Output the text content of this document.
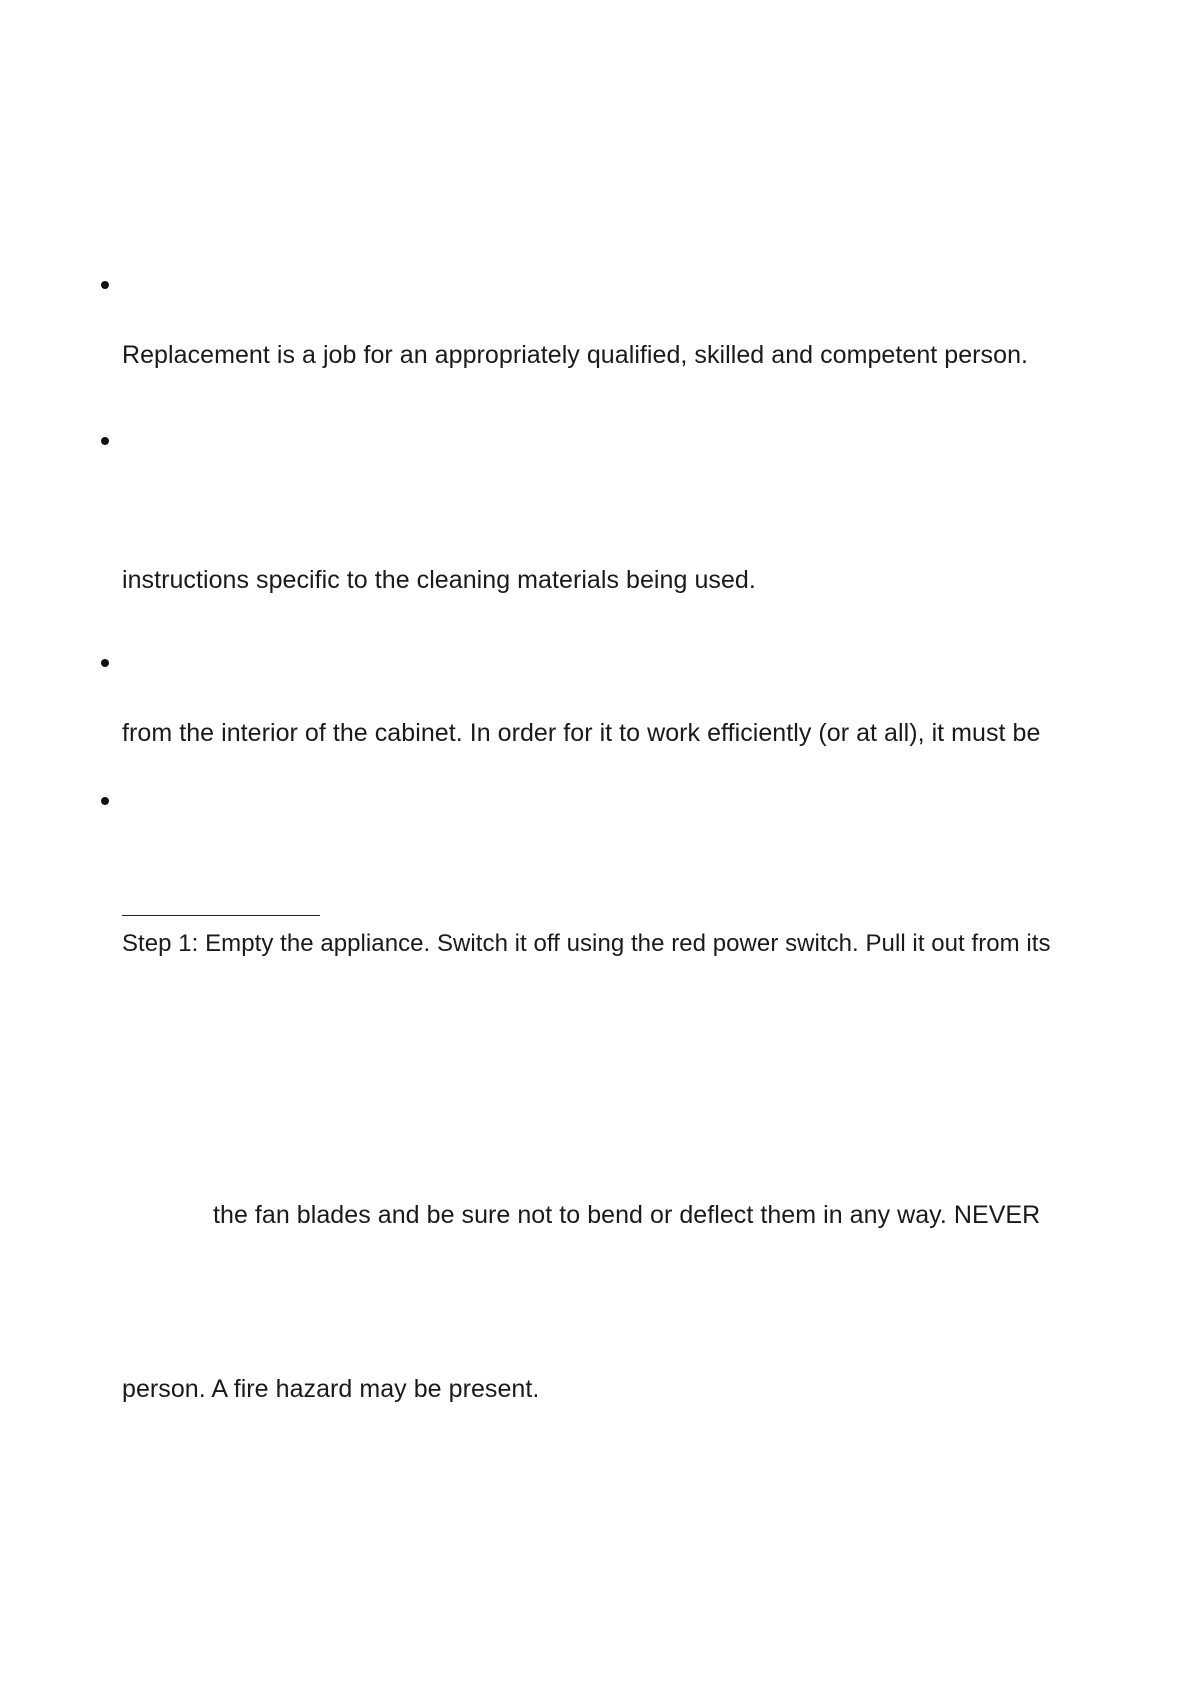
Replacement is a job for an appropriately qualified, skilled and competent person.
instructions specific to the cleaning materials being used.
from the interior of the cabinet. In order for it to work efficiently (or at all), it must be
Step 1: Empty the appliance. Switch it off using the red power switch. Pull it out from its
the fan blades and be sure not to bend or deflect them in any way. NEVER
person. A fire hazard may be present.
